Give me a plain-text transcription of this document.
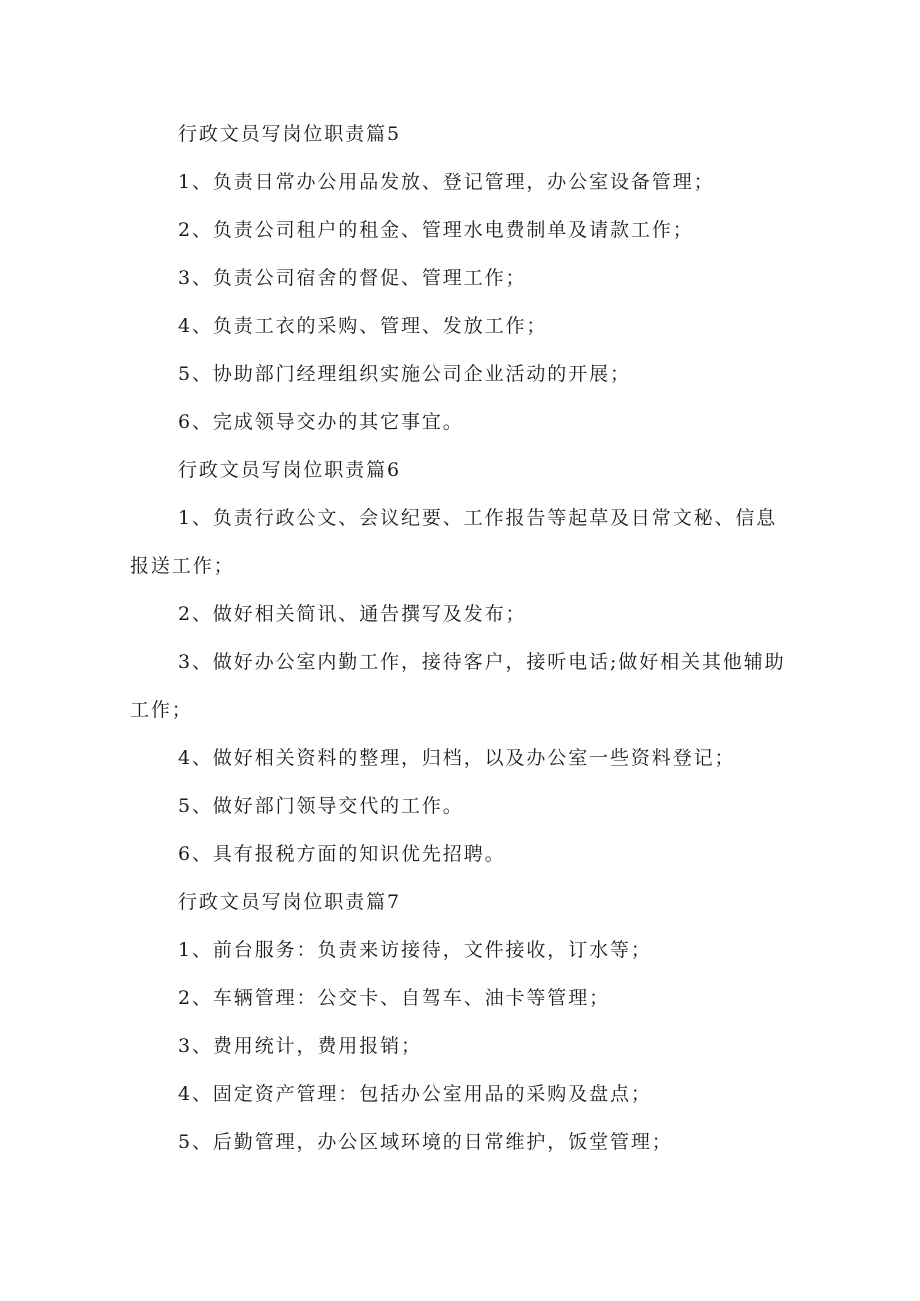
行政文员写岗位职责篇5

1、负责日常办公用品发放、登记管理，办公室设备管理；

2、负责公司租户的租金、管理水电费制单及请款工作；

3、负责公司宿舍的督促、管理工作；

4、负责工衣的采购、管理、发放工作；

5、协助部门经理组织实施公司企业活动的开展；

6、完成领导交办的其它事宜。

行政文员写岗位职责篇6

1、负责行政公文、会议纪要、工作报告等起草及日常文秘、信息报送工作；

2、做好相关简讯、通告撰写及发布；

3、做好办公室内勤工作，接待客户，接听电话;做好相关其他辅助工作；

4、做好相关资料的整理，归档，以及办公室一些资料登记；

5、做好部门领导交代的工作。

6、具有报税方面的知识优先招聘。

行政文员写岗位职责篇7

1、前台服务：负责来访接待，文件接收，订水等；

2、车辆管理：公交卡、自驾车、油卡等管理；

3、费用统计，费用报销；

4、固定资产管理：包括办公室用品的采购及盘点；

5、后勤管理，办公区域环境的日常维护，饭堂管理；
